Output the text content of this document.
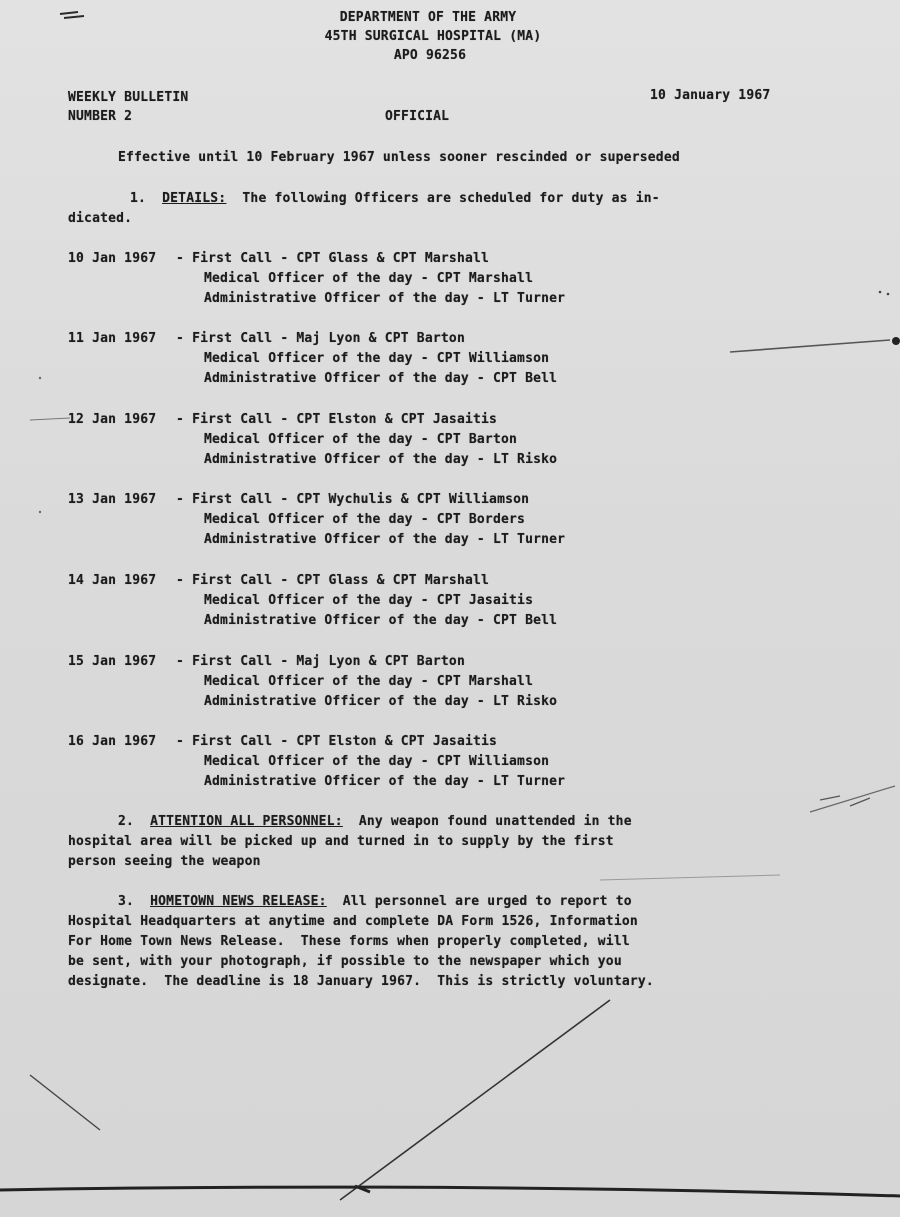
DEPARTMENT OF THE ARMY
45TH SURGICAL HOSPITAL (MA)
APO 96256
WEEKLY BULLETIN
NUMBER 2
10 January 1967
OFFICIAL
Effective until 10 February 1967 unless sooner rescinded or superseded
1. DETAILS: The following Officers are scheduled for duty as in-
dicated.
10 Jan 1967 - First Call - CPT Glass & CPT Marshall
Medical Officer of the day - CPT Marshall
Administrative Officer of the day - LT Turner
11 Jan 1967 - First Call - Maj Lyon & CPT Barton
Medical Officer of the day - CPT Williamson
Administrative Officer of the day - CPT Bell
12 Jan 1967 - First Call - CPT Elston & CPT Jasaitis
Medical Officer of the day - CPT Barton
Administrative Officer of the day - LT Risko
13 Jan 1967 - First Call - CPT Wychulis & CPT Williamson
Medical Officer of the day - CPT Borders
Administrative Officer of the day - LT Turner
14 Jan 1967 - First Call - CPT Glass & CPT Marshall
Medical Officer of the day - CPT Jasaitis
Administrative Officer of the day - CPT Bell
15 Jan 1967 - First Call - Maj Lyon & CPT Barton
Medical Officer of the day - CPT Marshall
Administrative Officer of the day - LT Risko
16 Jan 1967 - First Call - CPT Elston & CPT Jasaitis
Medical Officer of the day - CPT Williamson
Administrative Officer of the day - LT Turner
2. ATTENTION ALL PERSONNEL: Any weapon found unattended in the
hospital area will be picked up and turned in to supply by the first
person seeing the weapon
3. HOMETOWN NEWS RELEASE: All personnel are urged to report to
Hospital Headquarters at anytime and complete DA Form 1526, Information
For Home Town News Release.  These forms when properly completed, will
be sent, with your photograph, if possible to the newspaper which you
designate.  The deadline is 18 January 1967.  This is strictly voluntary.
